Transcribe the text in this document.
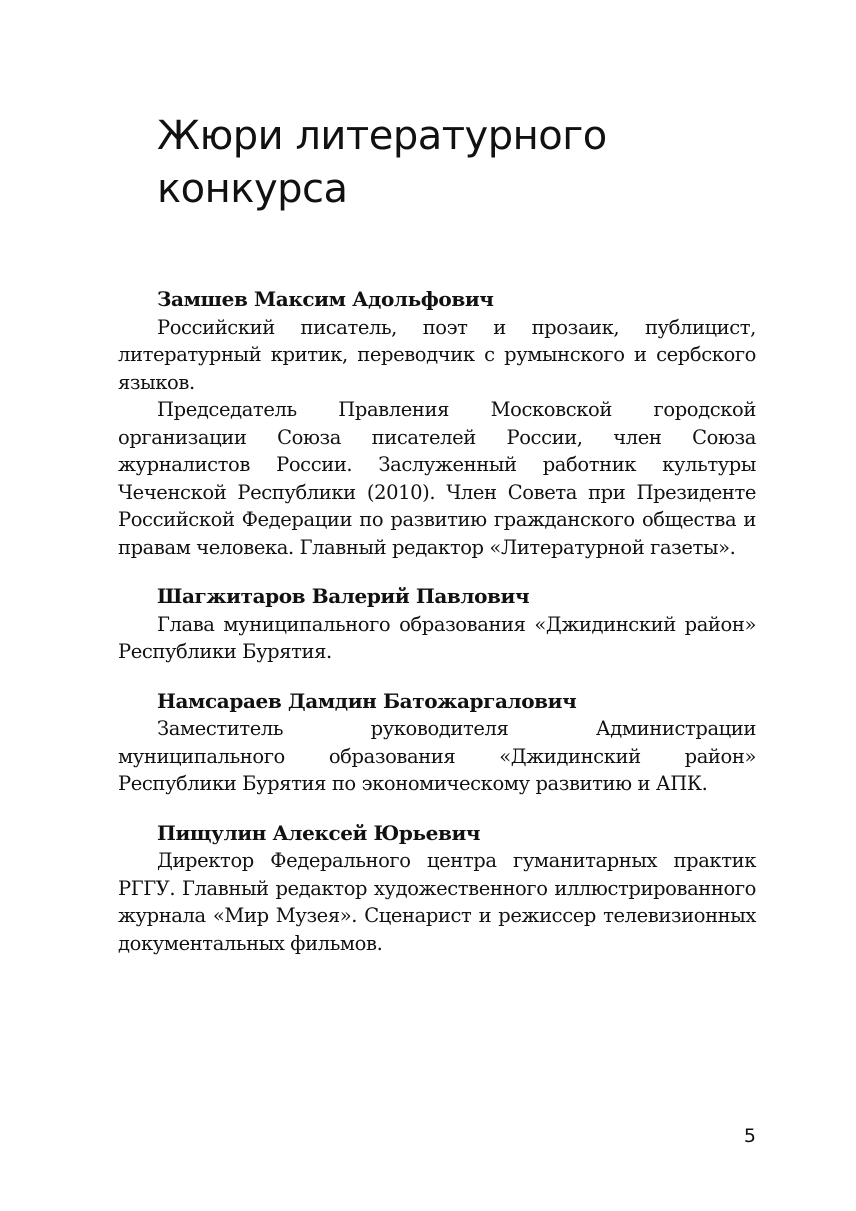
Жюри литературного
конкурса

Замшев Максим Адольфович

Российский писатель, поэт и прозаик, публицист, литературный критик, переводчик с румынского и сербского языков.

Председатель Правления Московской городской организации Союза писателей России, член Союза журналистов России. Заслуженный работник культуры Чеченской Республики (2010). Член Совета при Президенте Российской Федерации по развитию гражданского общества и правам человека. Главный редактор «Литературной газеты».

Шагжитаров Валерий Павлович

Глава муниципального образования «Джидинский район» Республики Бурятия.

Намсараев Дамдин Батожаргалович

Заместитель руководителя Администрации муниципального образования «Джидинский район» Республики Бурятия по экономическому развитию и АПК.

Пищулин Алексей Юрьевич

Директор Федерального центра гуманитарных практик РГГУ. Главный редактор художественного иллюстрированного журнала «Мир Музея». Сценарист и режиссер телевизионных документальных фильмов.

5
